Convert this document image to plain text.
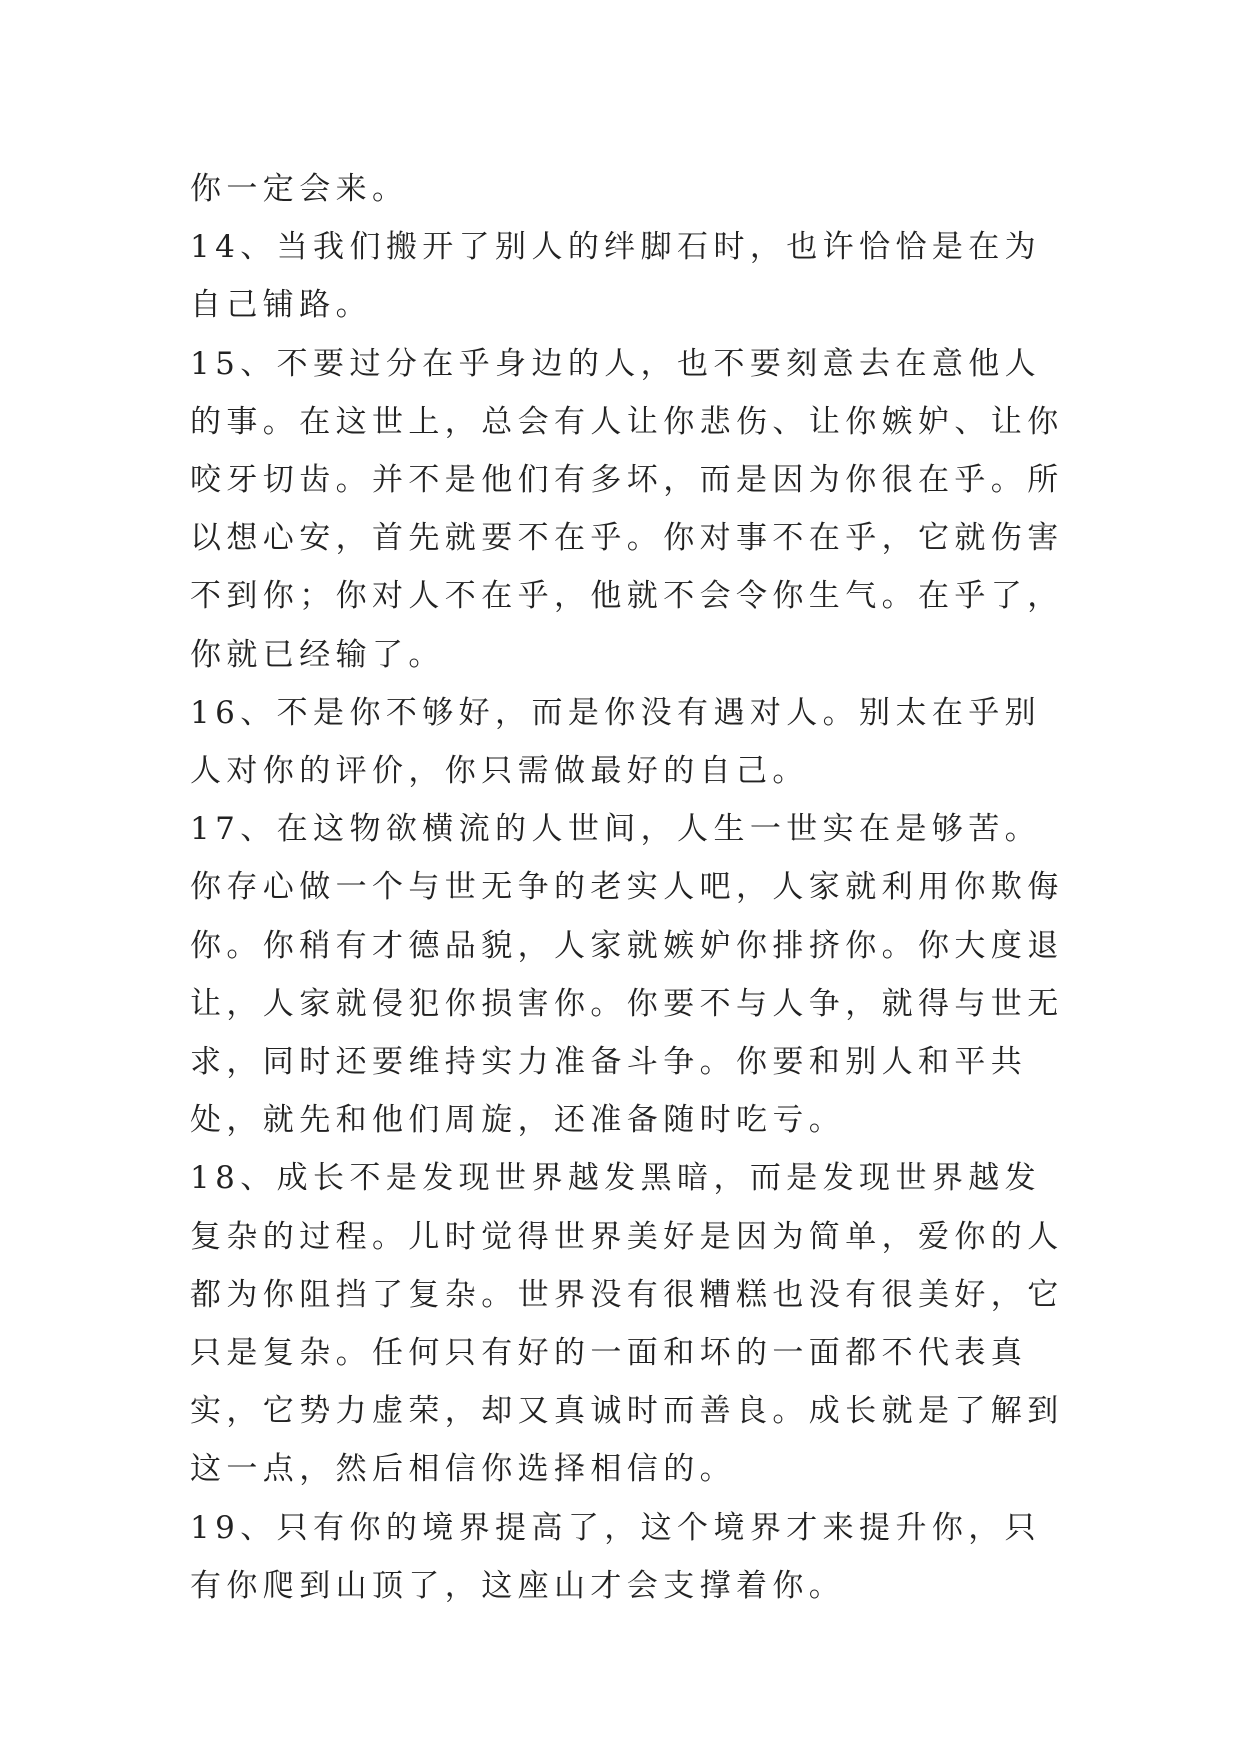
你一定会来。

14、当我们搬开了别人的绊脚石时，也许恰恰是在为自己铺路。

15、不要过分在乎身边的人，也不要刻意去在意他人的事。在这世上，总会有人让你悲伤、让你嫉妒、让你咬牙切齿。并不是他们有多坏，而是因为你很在乎。所以想心安，首先就要不在乎。你对事不在乎，它就伤害不到你；你对人不在乎，他就不会令你生气。在乎了，你就已经输了。

16、不是你不够好，而是你没有遇对人。别太在乎别人对你的评价，你只需做最好的自己。

17、在这物欲横流的人世间，人生一世实在是够苦。你存心做一个与世无争的老实人吧，人家就利用你欺侮你。你稍有才德品貌，人家就嫉妒你排挤你。你大度退让，人家就侵犯你损害你。你要不与人争，就得与世无求，同时还要维持实力准备斗争。你要和别人和平共处，就先和他们周旋，还准备随时吃亏。

18、成长不是发现世界越发黑暗，而是发现世界越发复杂的过程。儿时觉得世界美好是因为简单，爱你的人都为你阻挡了复杂。世界没有很糟糕也没有很美好，它只是复杂。任何只有好的一面和坏的一面都不代表真实，它势力虚荣，却又真诚时而善良。成长就是了解到这一点，然后相信你选择相信的。

19、只有你的境界提高了，这个境界才来提升你，只有你爬到山顶了，这座山才会支撑着你。
